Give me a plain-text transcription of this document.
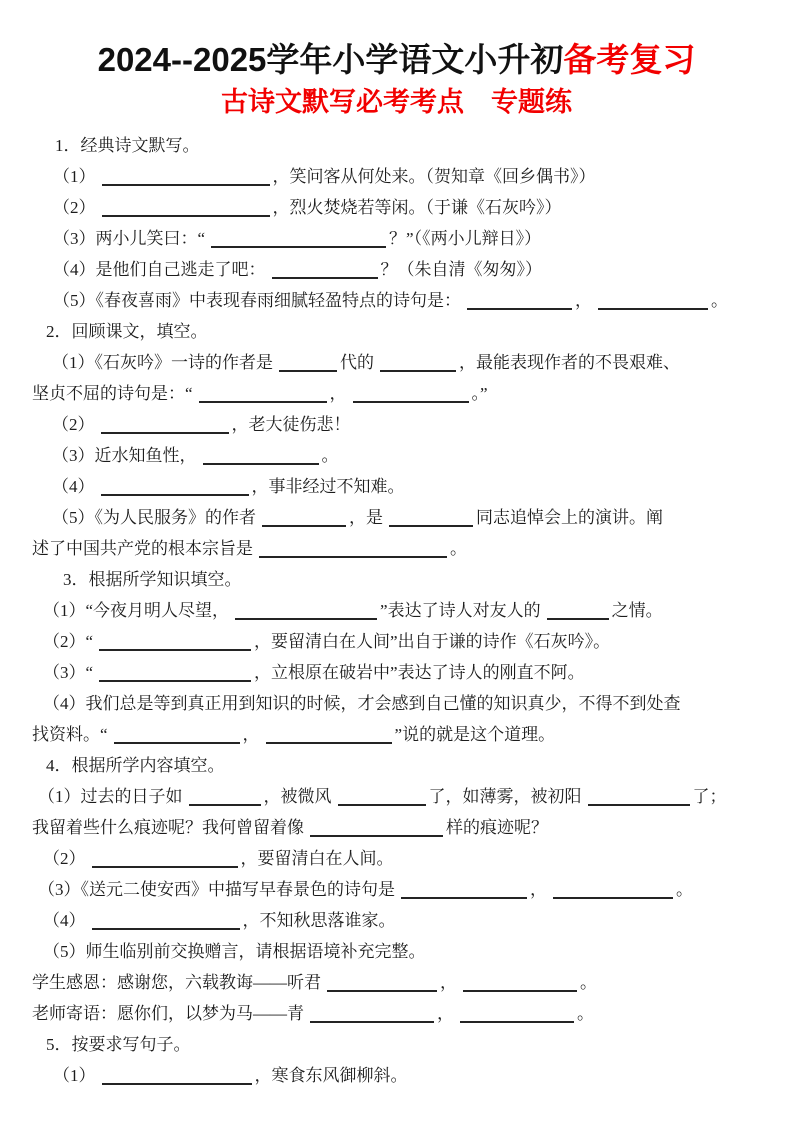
2024--2025学年小学语文小升初备考复习
古诗文默写必考考点　专题练
1．经典诗文默写。
（1）	，笑问客从何处来。（贺知章《回乡偶书》）
（2）	，烈火焚烧若等闲。（于谦《石灰吟》）
（3）两小儿笑曰：“	？”（《两小儿辩日》）
（4）是他们自己逃走了吧：	？（朱自清《匆匆》）
（5）《春夜喜雨》中表现春雨细腻轻盈特点的诗句是：	，	。
2．回顾课文，填空。
（1）《石灰吟》一诗的作者是	代的	，最能表现作者的不畏艰难、
坚贞不屈的诗句是：“	，	。”
（2）	，老大徒伤悲！
（3）近水知鱼性，	。
（4）	，事非经过不知难。
（5）《为人民服务》的作者	，是	同志追悼会上的演讲。阐
述了中国共产党的根本宗旨是	。
3．根据所学知识填空。
（1）“今夜月明人尽望，	”表达了诗人对友人的	之情。
（2）“	，要留清白在人间”出自于谦的诗作《石灰吟》。
（3）“	，立根原在破岩中”表达了诗人的刚直不阿。
（4）我们总是等到真正用到知识的时候，才会感到自己懂的知识真少，不得不到处查
找资料。“	，	”说的就是这个道理。
4．根据所学内容填空。
（1）过去的日子如	，被微风	了，如薄雾，被初阳	了；
我留着些什么痕迹呢？我何曾留着像	样的痕迹呢？
（2）	，要留清白在人间。
（3）《送元二使安西》中描写早春景色的诗句是	，	。
（4）	，不知秋思落谁家。
（5）师生临别前交换赠言，请根据语境补充完整。
学生感恩：感谢您，六载教诲——听君	，	。
老师寄语：愿你们，以梦为马——青	，	。
5．按要求写句子。
（1）	，寒食东风御柳斜。
